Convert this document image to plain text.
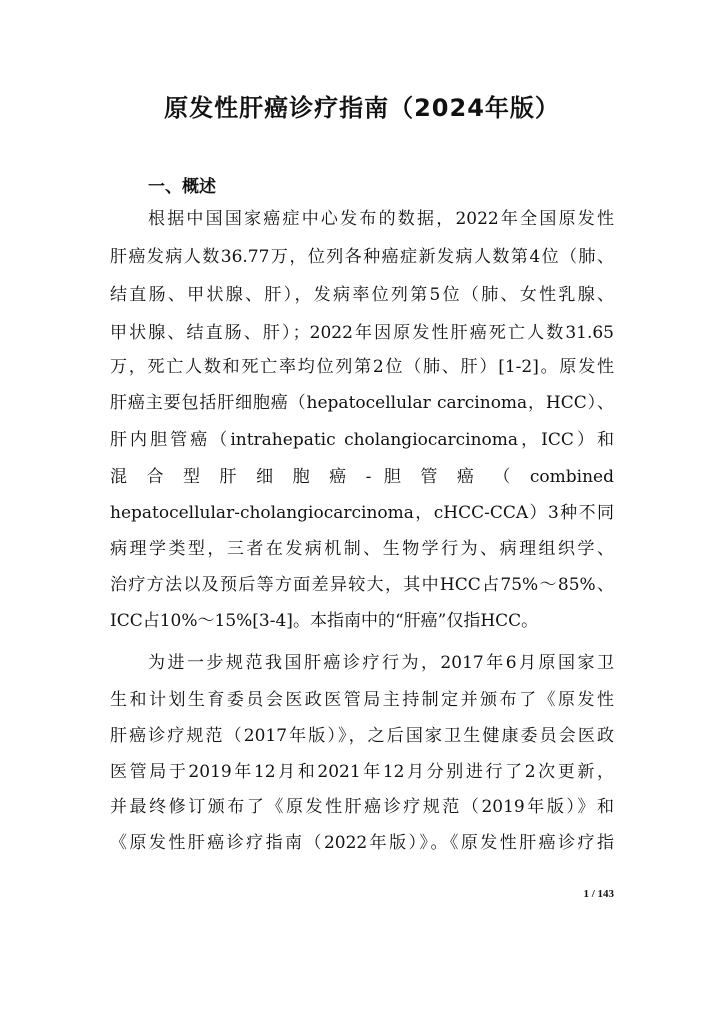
原发性肝癌诊疗指南（2024年版）
一、概述
根据中国国家癌症中心发布的数据，2022年全国原发性
肝癌发病人数36.77万，位列各种癌症新发病人数第4位（肺、
结直肠、甲状腺、肝），发病率位列第5位（肺、女性乳腺、
甲状腺、结直肠、肝）；2022年因原发性肝癌死亡人数31.65
万，死亡人数和死亡率均位列第2位（肺、肝）[1-2]。原发性
肝癌主要包括肝细胞癌（hepatocellular carcinoma，HCC）、
肝内胆管癌（intrahepatic cholangiocarcinoma，ICC）和
混 合 型 肝 细 胞 癌 - 胆 管 癌 （ combined
hepatocellular-cholangiocarcinoma，cHCC-CCA）3种不同
病理学类型，三者在发病机制、生物学行为、病理组织学、
治疗方法以及预后等方面差异较大，其中HCC占75%～85%、
ICC占10%～15%[3-4]。本指南中的“肝癌”仅指HCC。
为进一步规范我国肝癌诊疗行为，2017年6月原国家卫
生和计划生育委员会医政医管局主持制定并颁布了《原发性
肝癌诊疗规范（2017年版）》，之后国家卫生健康委员会医政
医管局于2019年12月和2021年12月分别进行了2次更新，
并最终修订颁布了《原发性肝癌诊疗规范（2019年版）》和
《原发性肝癌诊疗指南（2022年版）》。《原发性肝癌诊疗指
1 / 143
